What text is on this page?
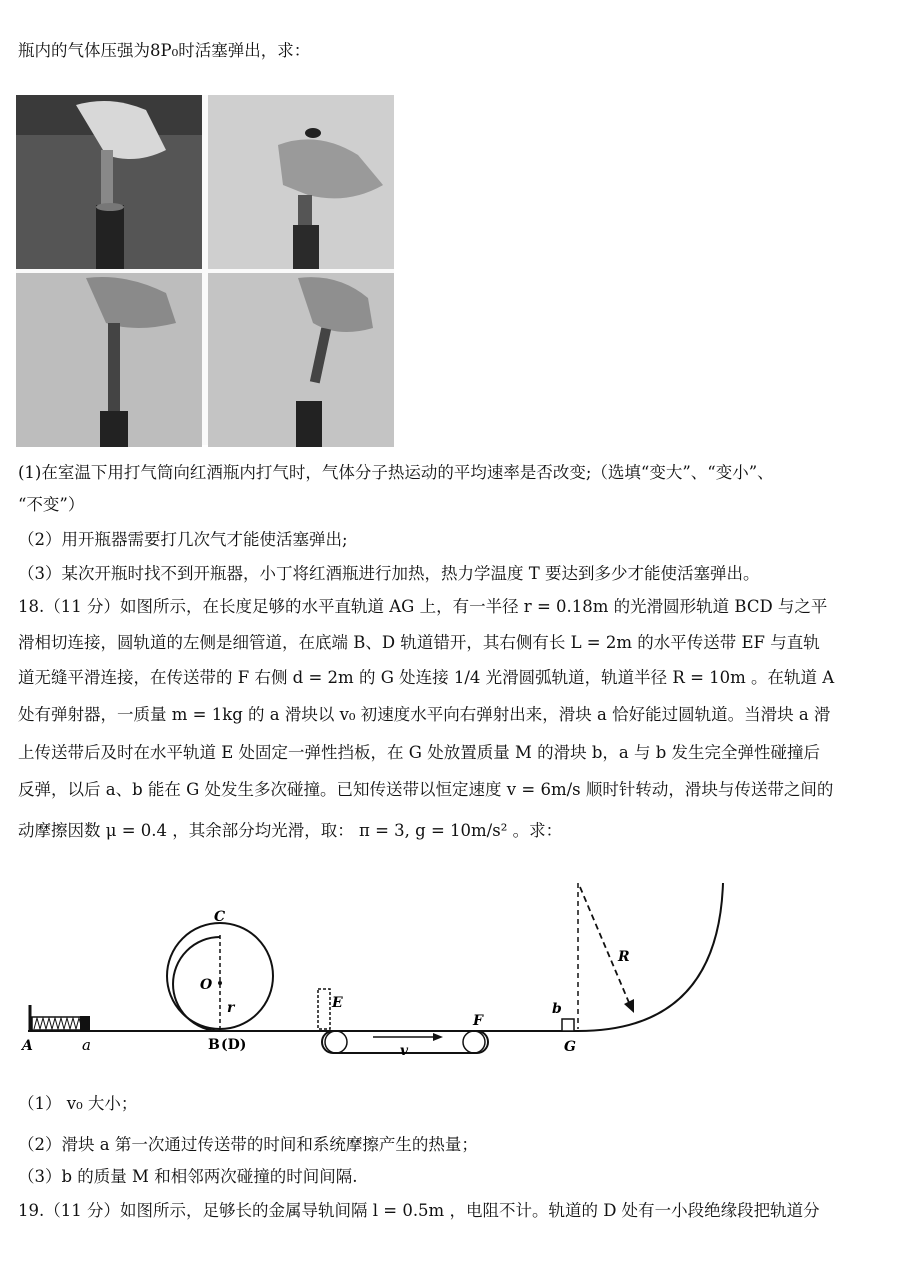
瓶内的气体压强为8P₀时活塞弹出，求：
(1)在室温下用打气筒向红酒瓶内打气时，气体分子热运动的平均速率是否改变;（选填“变大”、“变小”、
“不变”）
（2）用开瓶器需要打几次气才能使活塞弹出;
（3）某次开瓶时找不到开瓶器，小丁将红酒瓶进行加热，热力学温度 T 要达到多少才能使活塞弹出。
18.（11 分）如图所示，在长度足够的水平直轨道 AG 上，有一半径 r = 0.18m 的光滑圆形轨道 BCD 与之平
滑相切连接，圆轨道的左侧是细管道，在底端 B、D 轨道错开，其右侧有长 L = 2m 的水平传送带 EF 与直轨
道无缝平滑连接，在传送带的 F 右侧 d = 2m 的 G 处连接 1/4 光滑圆弧轨道，轨道半径 R = 10m 。在轨道 A
处有弹射器，一质量 m = 1kg 的 a 滑块以 v₀ 初速度水平向右弹射出来，滑块 a 恰好能过圆轨道。当滑块 a 滑
上传送带后及时在水平轨道 E 处固定一弹性挡板，在 G 处放置质量 M 的滑块 b，a 与 b 发生完全弹性碰撞后
反弹，以后 a、b 能在 G 处发生多次碰撞。已知传送带以恒定速度 v = 6m/s 顺时针转动，滑块与传送带之间的
动摩擦因数 μ = 0.4 ，其余部分均光滑，取： π = 3, g = 10m/s² 。求：
A	a	B (D)
C
O
r	E
v
F
b
G
R
（1） v₀ 大小；
（2）滑块 a 第一次通过传送带的时间和系统摩擦产生的热量；
（3）b 的质量 M 和相邻两次碰撞的时间间隔.
19.（11 分）如图所示，足够长的金属导轨间隔 l = 0.5m ，电阻不计。轨道的 D 处有一小段绝缘段把轨道分
